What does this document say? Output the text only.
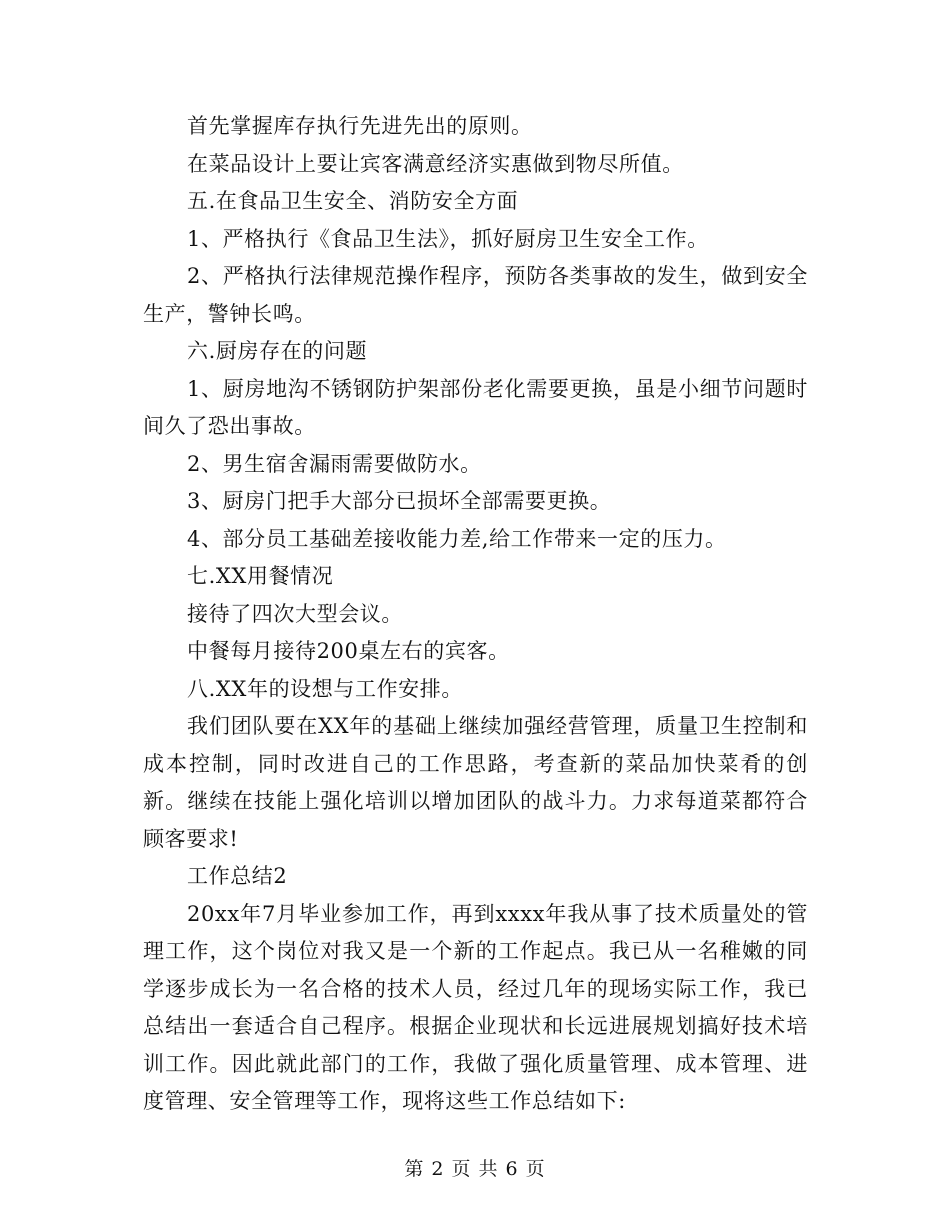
首先掌握库存执行先进先出的原则。

在菜品设计上要让宾客满意经济实惠做到物尽所值。

五.在食品卫生安全、消防安全方面

1、严格执行《食品卫生法》，抓好厨房卫生安全工作。

2、严格执行法律规范操作程序，预防各类事故的发生，做到安全生产，警钟长鸣。

六.厨房存在的问题

1、厨房地沟不锈钢防护架部份老化需要更换，虽是小细节问题时间久了恐出事故。

2、男生宿舍漏雨需要做防水。

3、厨房门把手大部分已损坏全部需要更换。

4、部分员工基础差接收能力差,给工作带来一定的压力。

七.XX用餐情况

接待了四次大型会议。

中餐每月接待200桌左右的宾客。

八.XX年的设想与工作安排。

我们团队要在XX年的基础上继续加强经营管理，质量卫生控制和成本控制，同时改进自己的工作思路，考查新的菜品加快菜肴的创新。继续在技能上强化培训以增加团队的战斗力。力求每道菜都符合顾客要求!

工作总结2

20xx年7月毕业参加工作，再到xxxx年我从事了技术质量处的管理工作，这个岗位对我又是一个新的工作起点。我已从一名稚嫩的同学逐步成长为一名合格的技术人员，经过几年的现场实际工作，我已总结出一套适合自己程序。根据企业现状和长远进展规划搞好技术培训工作。因此就此部门的工作，我做了强化质量管理、成本管理、进度管理、安全管理等工作，现将这些工作总结如下:

第 2 页 共 6 页
